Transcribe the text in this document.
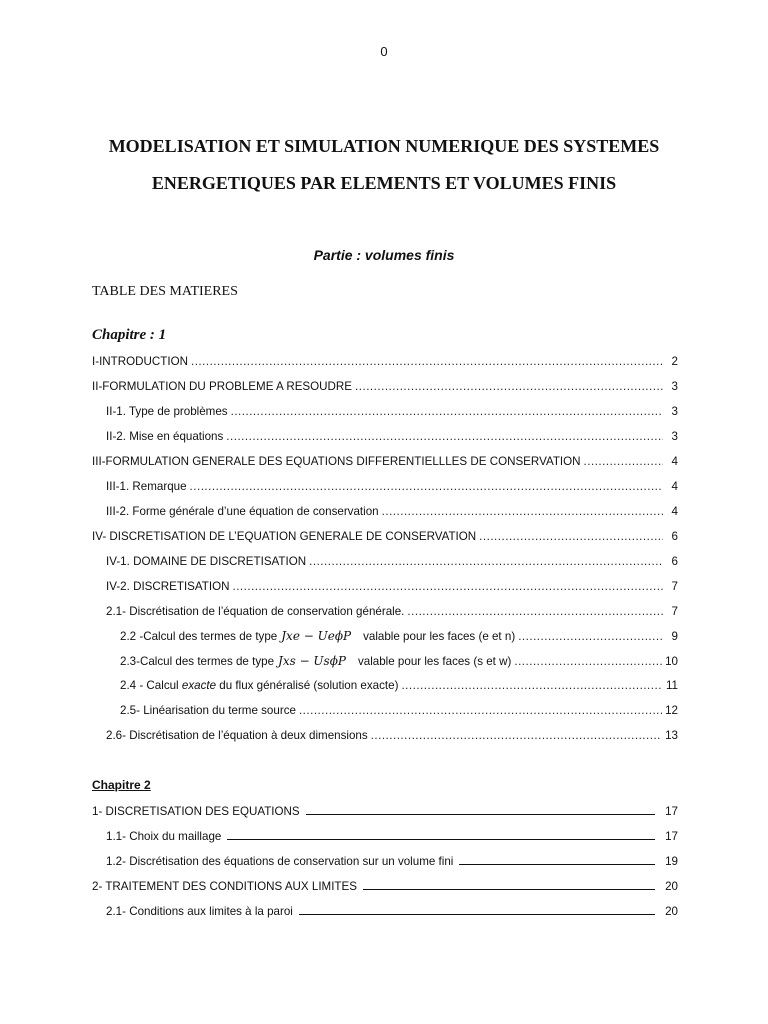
0
MODELISATION ET SIMULATION NUMERIQUE DES SYSTEMES
ENERGETIQUES PAR ELEMENTS ET VOLUMES FINIS
Partie : volumes finis
TABLE DES MATIERES
Chapitre : 1
I-INTRODUCTION .....	2
II-FORMULATION DU PROBLEME A RESOUDRE .....	3
II-1. Type de problèmes .....	3
II-2. Mise en équations .....	3
III-FORMULATION GENERALE DES EQUATIONS DIFFERENTIELLLES DE CONSERVATION .....	4
III-1. Remarque .....	4
III-2. Forme générale d’une équation de conservation .....	4
IV- DISCRETISATION DE L’EQUATION GENERALE DE CONSERVATION .....	6
IV-1. DOMAINE DE DISCRETISATION .....	6
IV-2. DISCRETISATION .....	7
2.1- Discrétisation de l’équation de conservation générale. .....	7
2.2 -Calcul des termes de type Jxe − UeϕP valable pour les faces (e et n) .....	9
2.3-Calcul des termes de type Jxs − UsϕP valable pour les faces (s et w) .....	10
2.4 - Calcul exacte du flux généralisé (solution exacte) .....	11
2.5- Linéarisation du terme source .....	12
2.6- Discrétisation de l’équation à deux dimensions .....	13
Chapitre 2
1- DISCRETISATION DES EQUATIONS	17
1.1- Choix du maillage	17
1.2- Discrétisation des équations de conservation sur un volume fini	19
2- TRAITEMENT DES CONDITIONS AUX LIMITES	20
2.1- Conditions aux limites à la paroi	20
